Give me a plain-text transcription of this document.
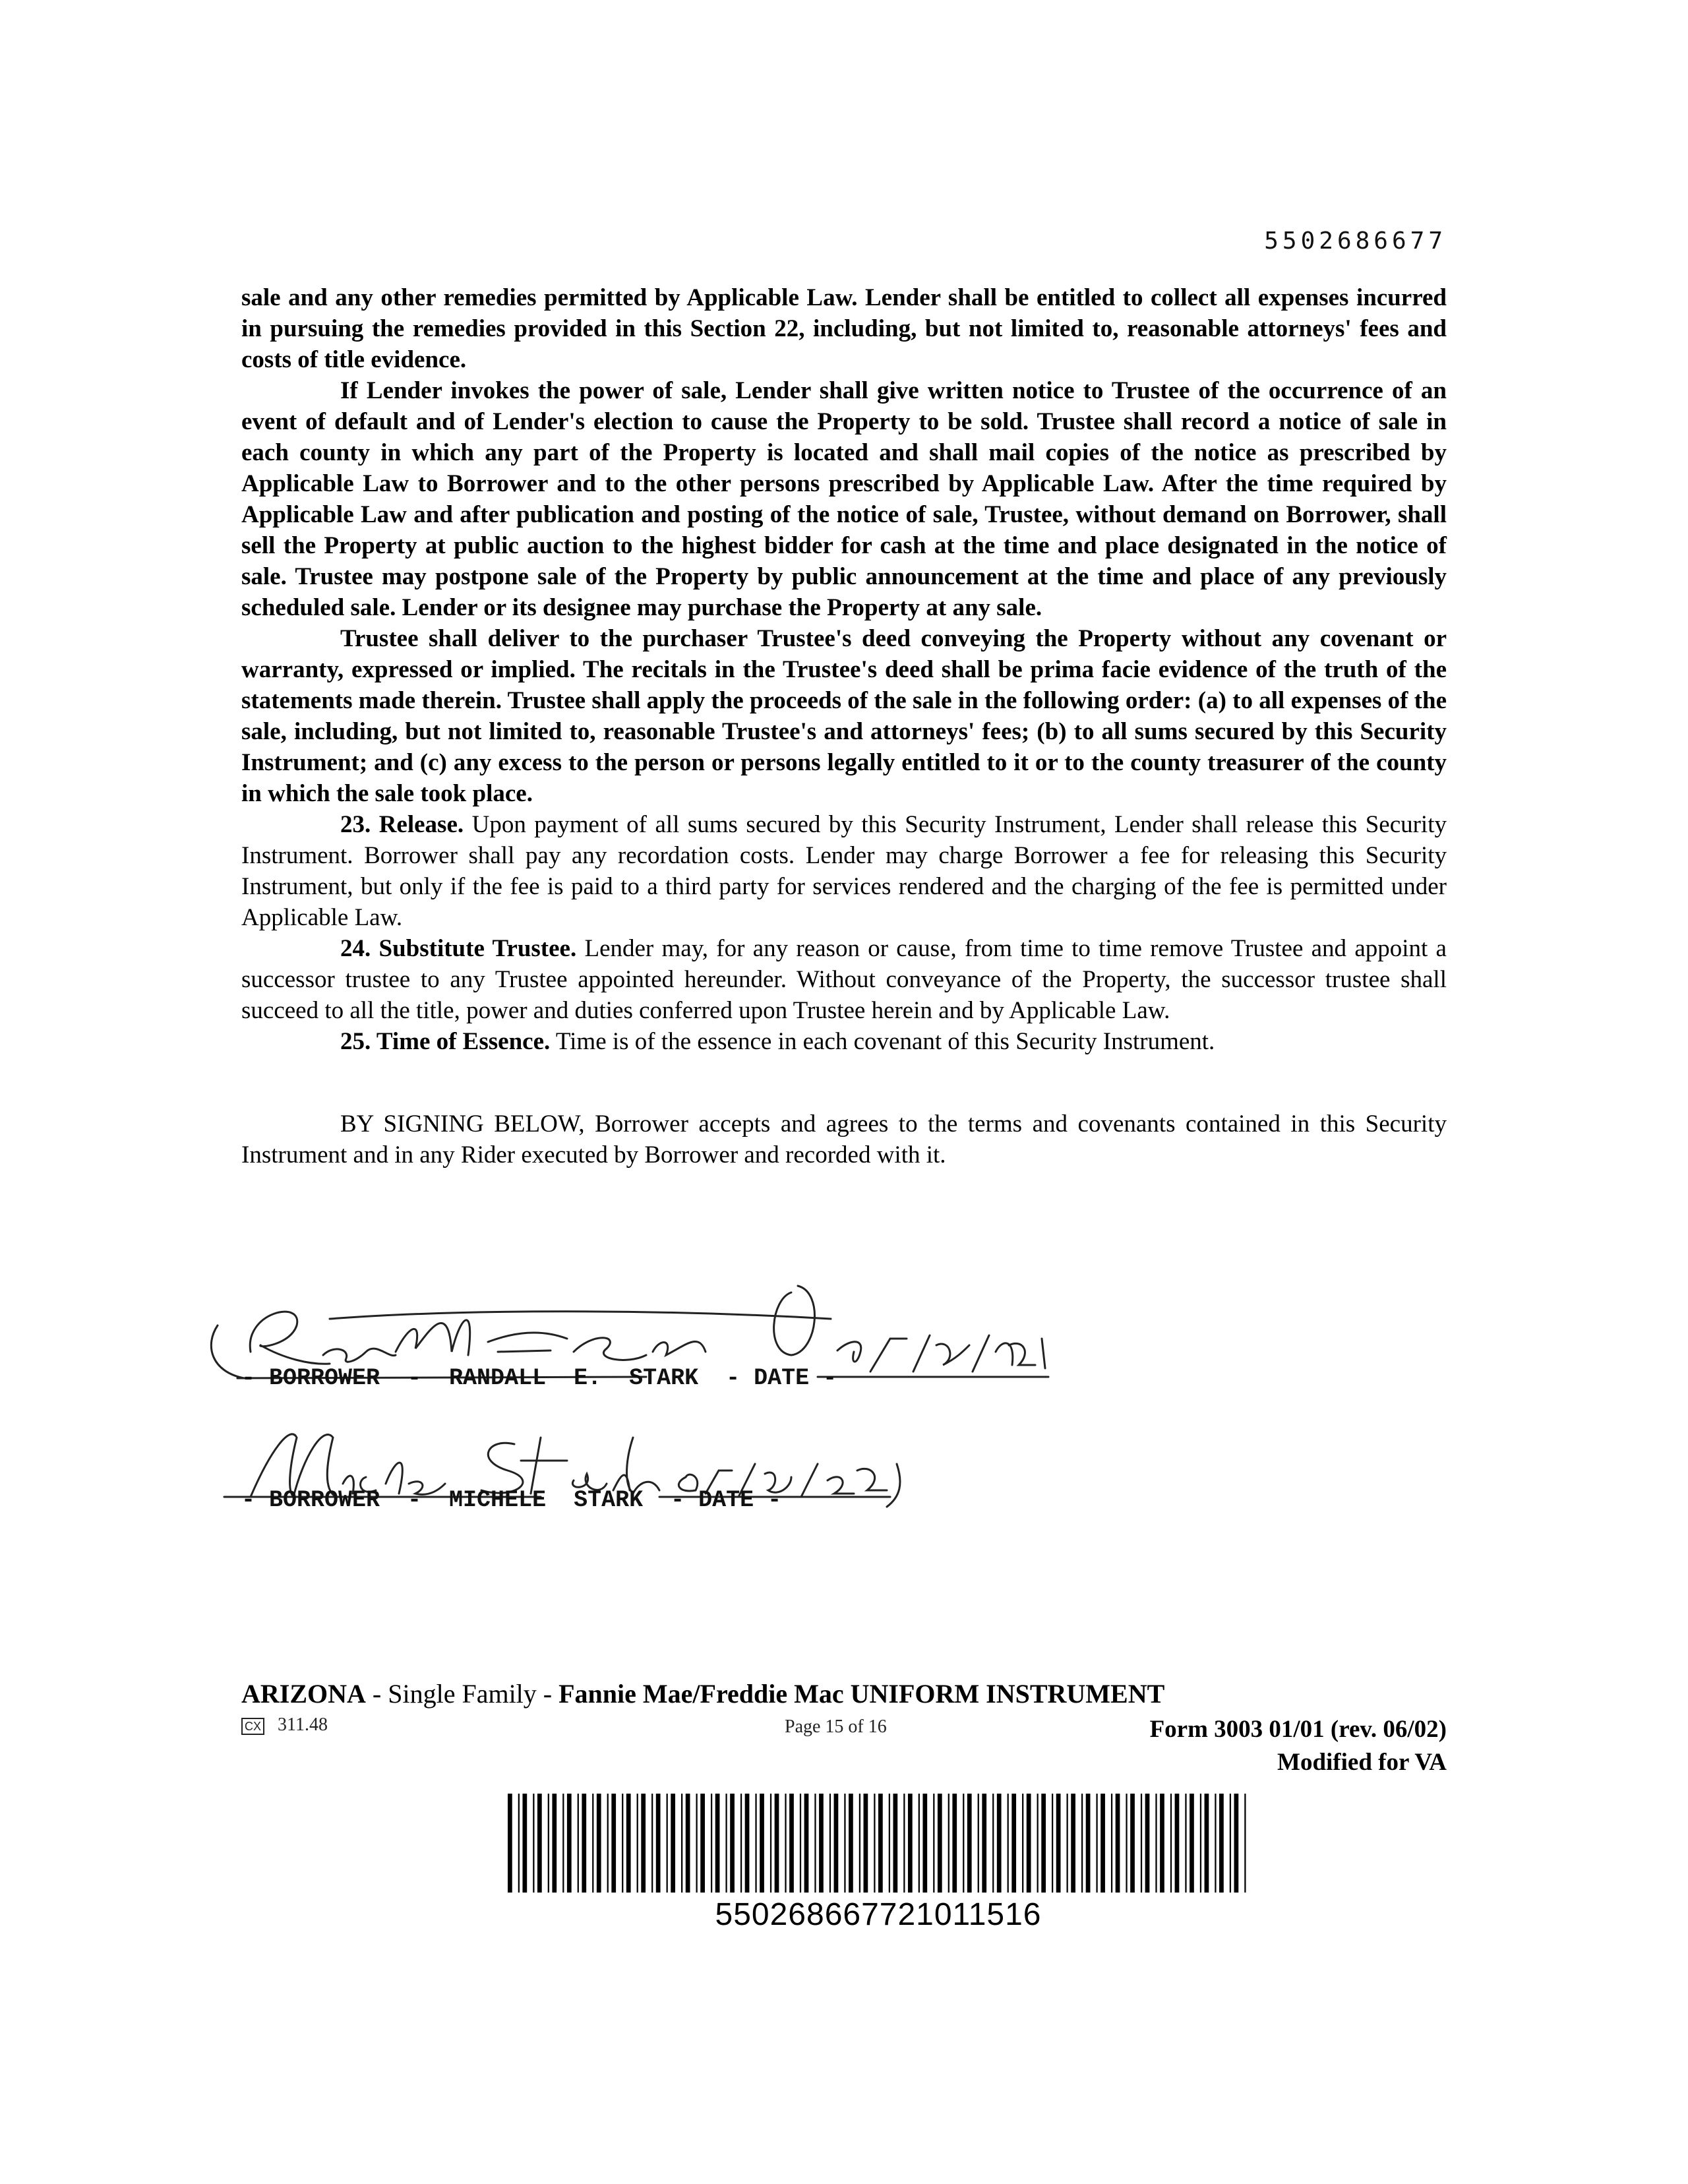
5502686677

sale and any other remedies permitted by Applicable Law. Lender shall be entitled to collect all expenses incurred in pursuing the remedies provided in this Section 22, including, but not limited to, reasonable attorneys' fees and costs of title evidence.

If Lender invokes the power of sale, Lender shall give written notice to Trustee of the occurrence of an event of default and of Lender's election to cause the Property to be sold. Trustee shall record a notice of sale in each county in which any part of the Property is located and shall mail copies of the notice as prescribed by Applicable Law to Borrower and to the other persons prescribed by Applicable Law. After the time required by Applicable Law and after publication and posting of the notice of sale, Trustee, without demand on Borrower, shall sell the Property at public auction to the highest bidder for cash at the time and place designated in the notice of sale. Trustee may postpone sale of the Property by public announcement at the time and place of any previously scheduled sale. Lender or its designee may purchase the Property at any sale.

Trustee shall deliver to the purchaser Trustee's deed conveying the Property without any covenant or warranty, expressed or implied. The recitals in the Trustee's deed shall be prima facie evidence of the truth of the statements made therein. Trustee shall apply the proceeds of the sale in the following order: (a) to all expenses of the sale, including, but not limited to, reasonable Trustee's and attorneys' fees; (b) to all sums secured by this Security Instrument; and (c) any excess to the person or persons legally entitled to it or to the county treasurer of the county in which the sale took place.

23. Release. Upon payment of all sums secured by this Security Instrument, Lender shall release this Security Instrument. Borrower shall pay any recordation costs. Lender may charge Borrower a fee for releasing this Security Instrument, but only if the fee is paid to a third party for services rendered and the charging of the fee is permitted under Applicable Law.

24. Substitute Trustee. Lender may, for any reason or cause, from time to time remove Trustee and appoint a successor trustee to any Trustee appointed hereunder. Without conveyance of the Property, the successor trustee shall succeed to all the title, power and duties conferred upon Trustee herein and by Applicable Law.

25. Time of Essence. Time is of the essence in each covenant of this Security Instrument.

BY SIGNING BELOW, Borrower accepts and agrees to the terms and covenants contained in this Security Instrument and in any Rider executed by Borrower and recorded with it.

- BORROWER  -  RANDALL  E.  STARK  - DATE -
- BORROWER  -  MICHELE  STARK  - DATE -
ARIZONA - Single Family - Fannie Mae/Freddie Mac UNIFORM INSTRUMENT
CX 311.48	Page 15 of 16	Form 3003 01/01 (rev. 06/02)
Modified for VA
550268667721011516
